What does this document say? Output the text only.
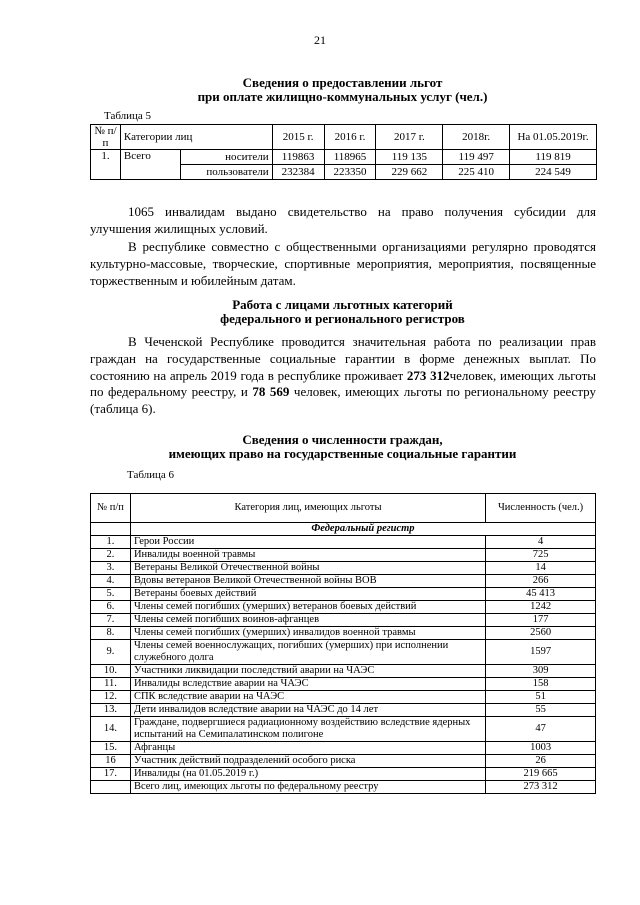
21
Сведения о предоставлении льгот
при оплате жилищно-коммунальных услуг (чел.)
Таблица 5
№ п/п	Категории лиц		2015 г.	2016 г.	2017 г.	2018г.	На 01.05.2019г.
1.	Всего	носители	119863	118965	119 135	119 497	119 819
		пользователи	232384	223350	229 662	225 410	224 549
1065 инвалидам выдано свидетельство на право получения субсидии для улучшения жилищных условий.
В республике совместно с общественными организациями регулярно проводятся культурно-массовые, творческие, спортивные мероприятия, мероприятия, посвященные торжественным и юбилейным датам.
Работа с лицами льготных категорий
федерального и регионального регистров
В Чеченской Республике проводится значительная работа по реализации прав граждан на государственные социальные гарантии в форме денежных выплат. По состоянию на апрель 2019 года в республике проживает 273 312человек, имеющих льготы по федеральному реестру, и 78 569 человек, имеющих льготы по региональному реестру (таблица 6).
Сведения о численности граждан,
имеющих право на государственные социальные гарантии
Таблица 6
№ п/п	Категория лиц, имеющих льготы	Численность (чел.)
	Федеральный регистр	
1.	Герои России	4
2.	Инвалиды военной травмы	725
3.	Ветераны Великой Отечественной войны	14
4.	Вдовы ветеранов Великой Отечественной войны ВОВ	266
5.	Ветераны боевых действий	45 413
6.	Члены семей погибших (умерших) ветеранов боевых действий	1242
7.	Члены семей погибших воинов-афганцев	177
8.	Члены семей погибших (умерших) инвалидов военной травмы	2560
9.	Члены семей военнослужащих, погибших (умерших) при исполнении служебного долга	1597
10.	Участники ликвидации последствий аварии на ЧАЭС	309
11.	Инвалиды вследствие аварии на ЧАЭС	158
12.	СПК вследствие аварии на ЧАЭС	51
13.	Дети инвалидов вследствие аварии на ЧАЭС до 14 лет	55
14.	Граждане, подвергшиеся радиационному воздействию вследствие ядерных испытаний на Семипалатинском полигоне	47
15.	Афганцы	1003
16	Участник действий подразделений особого риска	26
17.	Инвалиды (на 01.05.2019 г.)	219 665
	Всего лиц, имеющих льготы по федеральному реестру	273 312
